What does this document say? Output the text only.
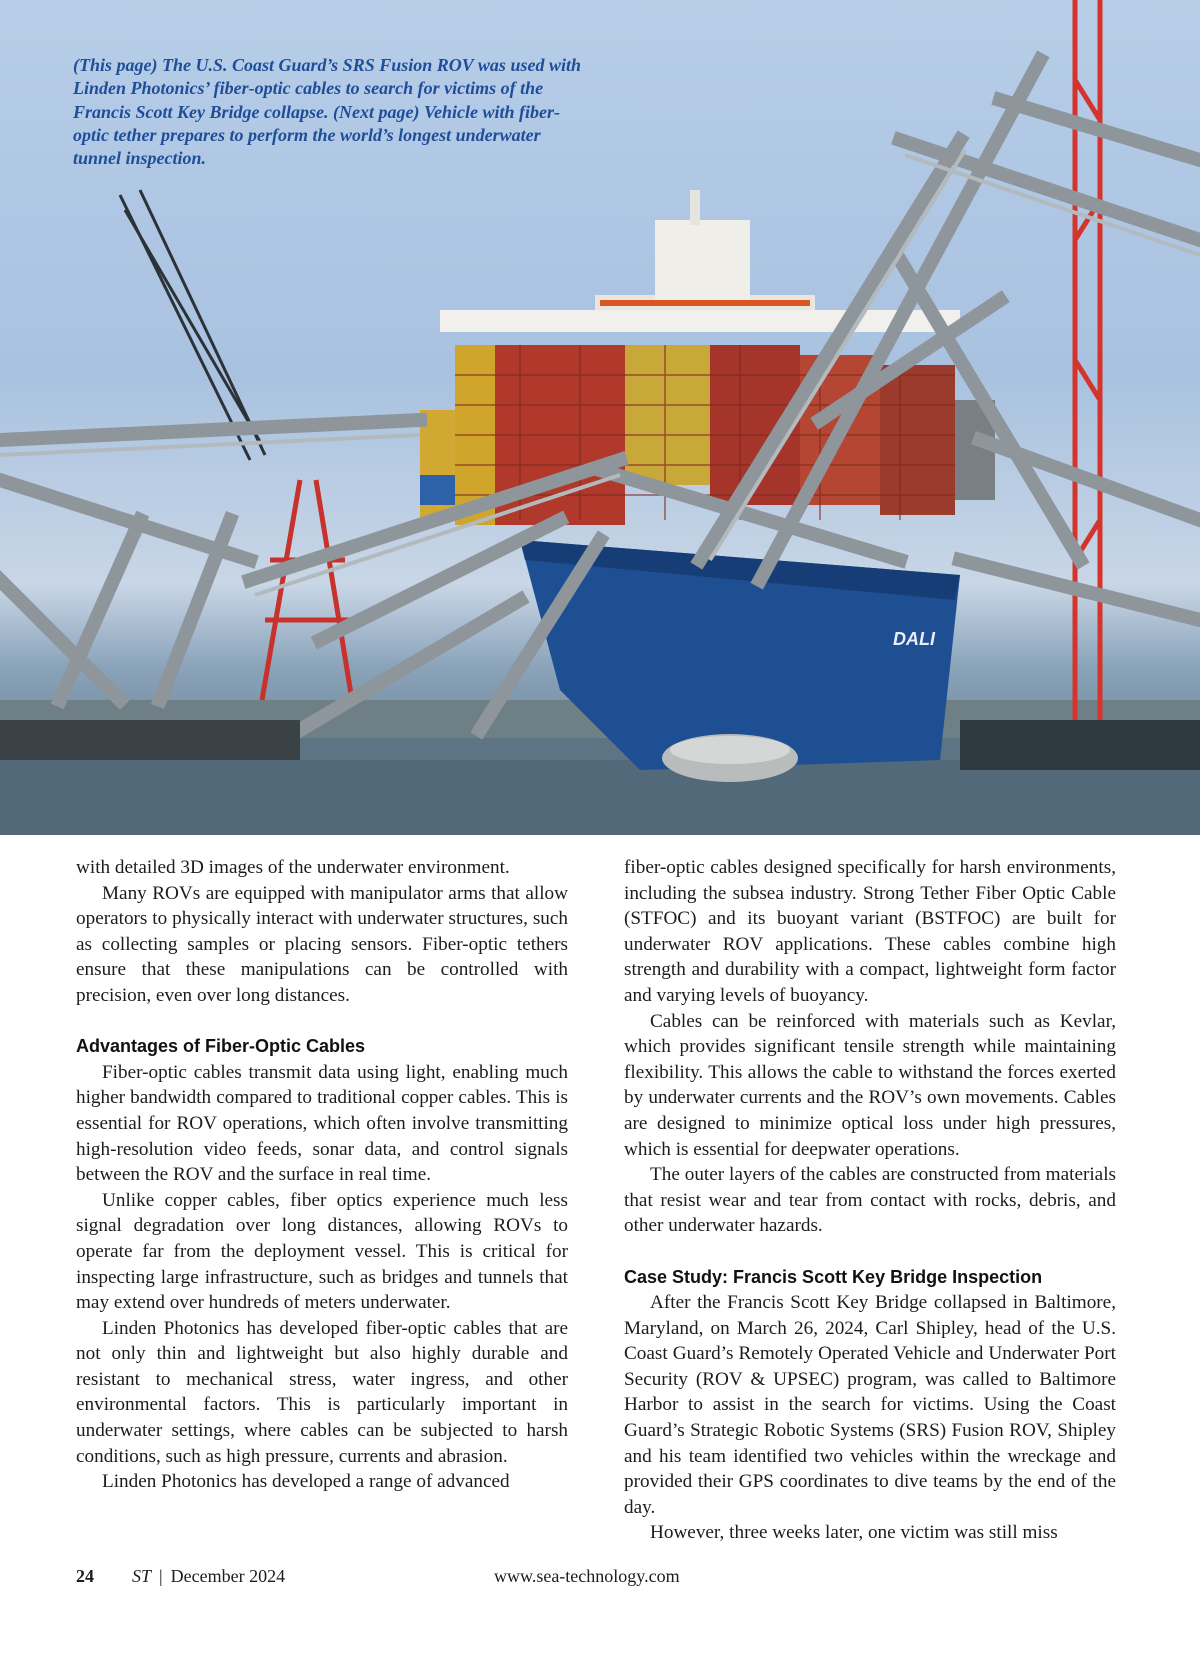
DALI

(This page) The U.S. Coast Guard’s SRS Fusion ROV was used with Linden Photonics’ fiber-optic cables to search for victims of the Francis Scott Key Bridge collapse. (Next page) Vehicle with fiber-optic tether prepares to perform the world’s longest underwater tunnel inspection.

with detailed 3D images of the underwater environment.

Many ROVs are equipped with manipulator arms that allow operators to physically interact with underwater structures, such as collecting samples or placing sensors. Fiber-optic tethers ensure that these manipulations can be controlled with precision, even over long distances.

Advantages of Fiber-Optic Cables

Fiber-optic cables transmit data using light, enabling much higher bandwidth compared to traditional copper cables. This is essential for ROV operations, which often involve transmitting high-resolution video feeds, sonar data, and control signals between the ROV and the surface in real time.

Unlike copper cables, fiber optics experience much less signal degradation over long distances, allowing ROVs to operate far from the deployment vessel. This is critical for inspecting large infrastructure, such as bridges and tunnels that may extend over hundreds of meters underwater.

Linden Photonics has developed fiber-optic cables that are not only thin and lightweight but also highly durable and resistant to mechanical stress, water ingress, and other environmental factors. This is particularly important in underwater settings, where cables can be subjected to harsh conditions, such as high pressure, currents and abrasion.

Linden Photonics has developed a range of advanced

fiber-optic cables designed specifically for harsh environments, including the subsea industry. Strong Tether Fiber Optic Cable (STFOC) and its buoyant variant (BSTFOC) are built for underwater ROV applications. These cables combine high strength and durability with a compact, lightweight form factor and varying levels of buoyancy.

Cables can be reinforced with materials such as Kevlar, which provides significant tensile strength while maintaining flexibility. This allows the cable to withstand the forces exerted by underwater currents and the ROV’s own movements. Cables are designed to minimize optical loss under high pressures, which is essential for deepwater operations.

The outer layers of the cables are constructed from materials that resist wear and tear from contact with rocks, debris, and other underwater hazards.

Case Study: Francis Scott Key Bridge Inspection

After the Francis Scott Key Bridge collapsed in Baltimore, Maryland, on March 26, 2024, Carl Shipley, head of the U.S. Coast Guard’s Remotely Operated Vehicle and Underwater Port Security (ROV & UPSEC) program, was called to Baltimore Harbor to assist in the search for victims. Using the Coast Guard’s Strategic Robotic Systems (SRS) Fusion ROV, Shipley and his team identified two vehicles within the wreckage and provided their GPS coordinates to dive teams by the end of the day.

However, three weeks later, one victim was still miss

24 ST | December 2024	www.sea-technology.com
